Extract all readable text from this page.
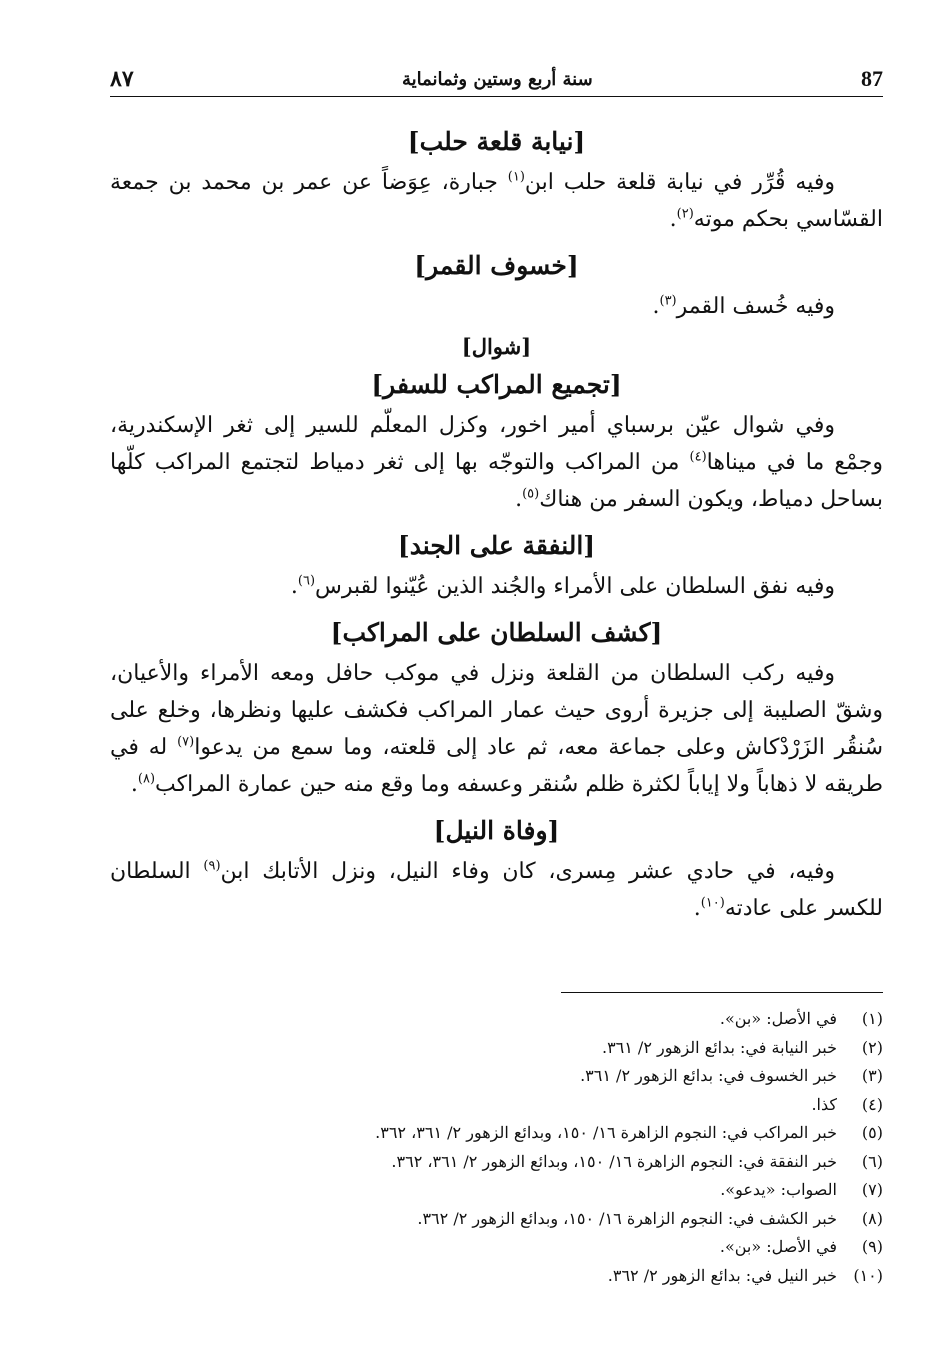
87
سنة أربع وستين وثمانماية
٨٧
[نيابة قلعة حلب]

وفيه قُرِّر في نيابة قلعة حلب ابن$^{(١)}$ جبارة، عِوَضاً عن عمر بن محمد بن جمعة القسّاسي بحكم موته$^{(٢)}$.

[خسوف القمر]

وفيه خُسف القمر$^{(٣)}$.

[شوال]
[تجميع المراكب للسفر]

وفي شوال عيّن برسباي أمير اخور، وكزل المعلّم للسير إلى ثغر الإسكندرية، وجمْع ما في ميناها$^{(٤)}$ من المراكب والتوجّه بها إلى ثغر دمياط لتجتمع المراكب كلّها بساحل دمياط، ويكون السفر من هناك$^{(٥)}$.

[النفقة على الجند]

وفيه نفق السلطان على الأمراء والجُند الذين عُيّنوا لقبرس$^{(٦)}$.

[كشف السلطان على المراكب]

وفيه ركب السلطان من القلعة ونزل في موكب حافل ومعه الأمراء والأعيان، وشقّ الصليبة إلى جزيرة أروى حيث عمار المراكب فكشف عليها ونظرها، وخلع على سُنقُر الزَرْدْكاش وعلى جماعة معه، ثم عاد إلى قلعته، وما سمع من يدعوا$^{(٧)}$ له في طريقه لا ذهاباً ولا إياباً لكثرة ظلم سُنقر وعسفه وما وقع منه حين عمارة المراكب$^{(٨)}$.

[وفاة النيل]

وفيه، في حادي عشر مِسرى، كان وفاء النيل، ونزل الأتابك ابن$^{(٩)}$ السلطان للكسر على عادته$^{(١٠)}$.

(١)
في الأصل: «بن».
(٢)
خبر النيابة في: بدائع الزهور ٢/ ٣٦١.
(٣)
خبر الخسوف في: بدائع الزهور ٢/ ٣٦١.
(٤)
كذا.
(٥)
خبر المراكب في: النجوم الزاهرة ١٦/ ١٥٠، وبدائع الزهور ٢/ ٣٦١، ٣٦٢.
(٦)
خبر النفقة في: النجوم الزاهرة ١٦/ ١٥٠، وبدائع الزهور ٢/ ٣٦١، ٣٦٢.
(٧)
الصواب: «يدعو».
(٨)
خبر الكشف في: النجوم الزاهرة ١٦/ ١٥٠، وبدائع الزهور ٢/ ٣٦٢.
(٩)
في الأصل: «بن».
(١٠)
خبر النيل في: بدائع الزهور ٢/ ٣٦٢.
